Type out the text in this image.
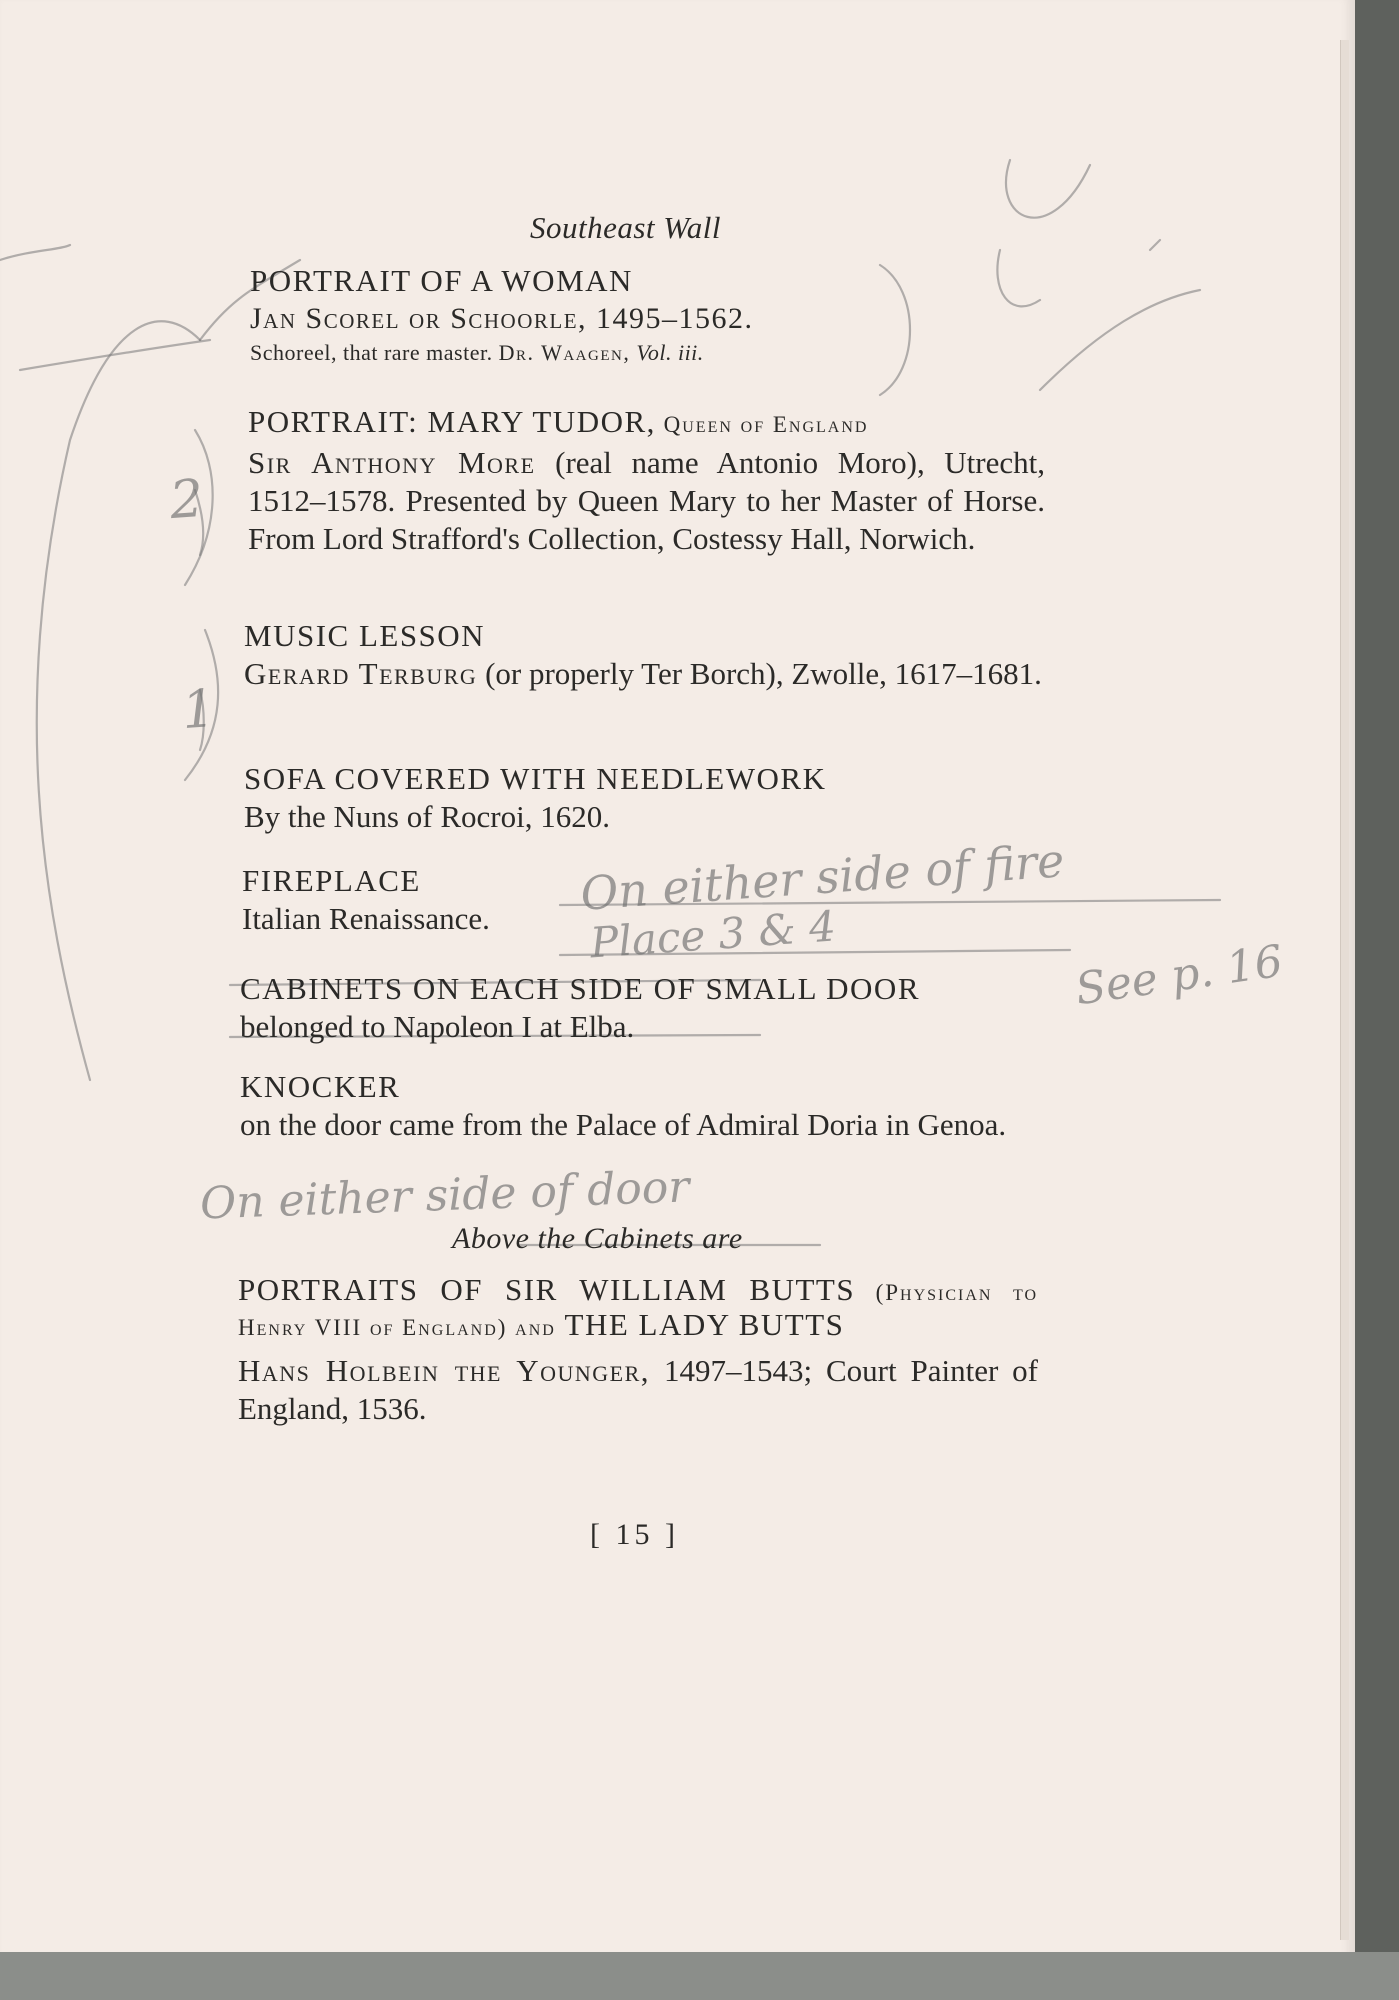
Southeast Wall
PORTRAIT OF A WOMAN
Jan Scorel or Schoorle, 1495–1562.
Schoreel, that rare master. Dr. Waagen, Vol. iii.
PORTRAIT: MARY TUDOR, Queen of England
Sir Anthony More (real name Antonio Moro), Utrecht, 1512–1578. Presented by Queen Mary to her Master of Horse. From Lord Strafford's Collection, Costessy Hall, Norwich.
MUSIC LESSON
Gerard Terburg (or properly Ter Borch), Zwolle, 1617–1681.
SOFA COVERED WITH NEEDLEWORK
By the Nuns of Rocroi, 1620.
FIREPLACE
Italian Renaissance.
CABINETS ON EACH SIDE OF SMALL DOOR
belonged to Napoleon I at Elba.
KNOCKER
on the door came from the Palace of Admiral Doria in Genoa.
Above the Cabinets are
PORTRAITS OF SIR WILLIAM BUTTS (Physician to Henry VIII of England) and THE LADY BUTTS
Hans Holbein the Younger, 1497–1543; Court Painter of England, 1536.
[ 15 ]
On either side of fire
Place 3 & 4
See p. 16
On either side of door
2
1
